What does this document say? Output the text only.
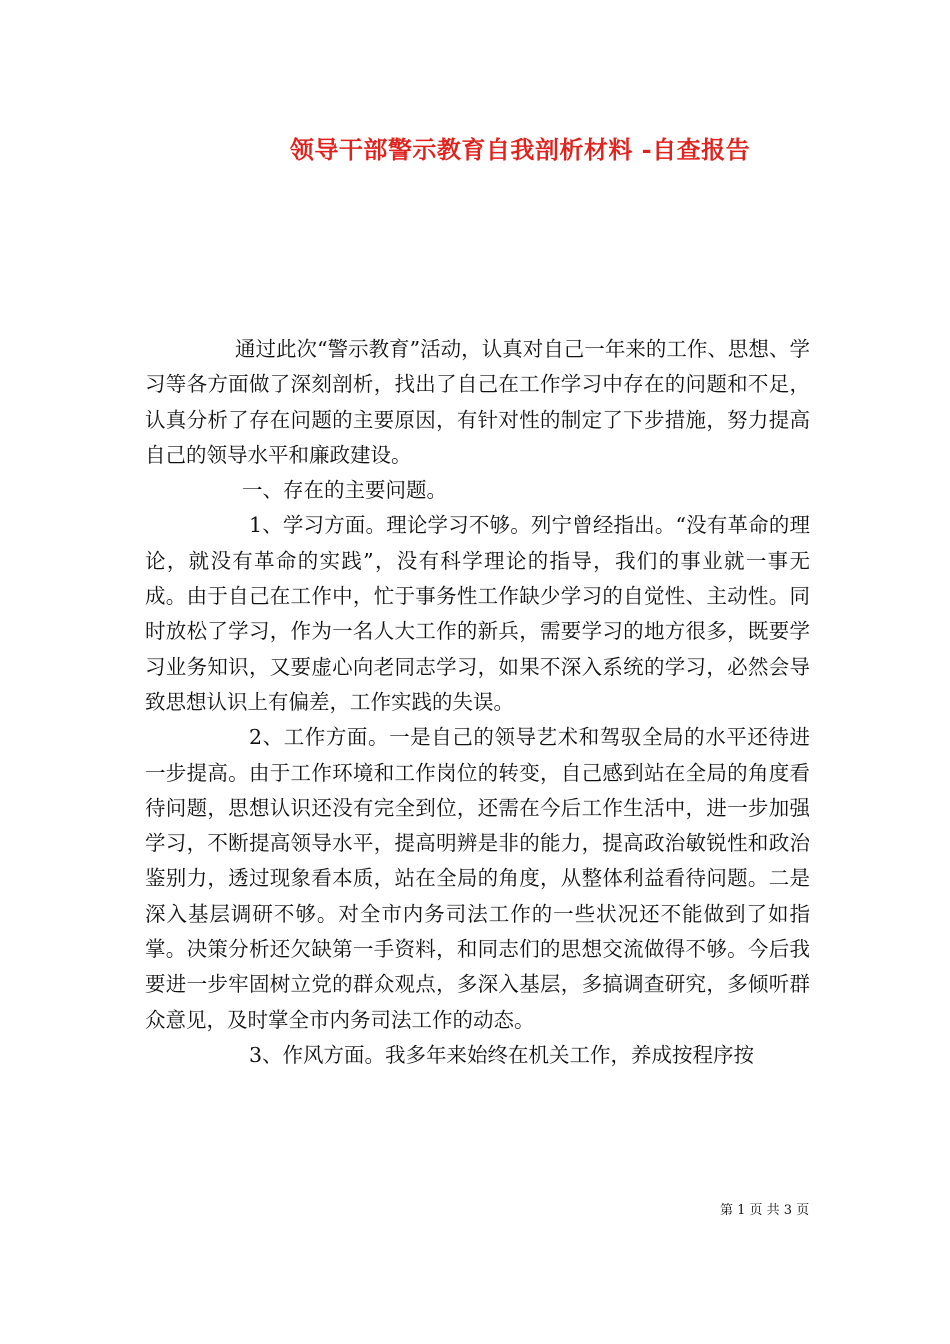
领导干部警示教育自我剖析材料 -自查报告

通过此次“警示教育”活动，认真对自己一年来的工作、思想、学习等各方面做了深刻剖析，找出了自己在工作学习中存在的问题和不足，认真分析了存在问题的主要原因，有针对性的制定了下步措施，努力提高自己的领导水平和廉政建设。

一、存在的主要问题。

1、学习方面。理论学习不够。列宁曾经指出。“没有革命的理论，就没有革命的实践”，没有科学理论的指导，我们的事业就一事无成。由于自己在工作中，忙于事务性工作缺少学习的自觉性、主动性。同时放松了学习，作为一名人大工作的新兵，需要学习的地方很多，既要学习业务知识，又要虚心向老同志学习，如果不深入系统的学习，必然会导致思想认识上有偏差，工作实践的失误。

2、工作方面。一是自己的领导艺术和驾驭全局的水平还待进一步提高。由于工作环境和工作岗位的转变，自己感到站在全局的角度看待问题，思想认识还没有完全到位，还需在今后工作生活中，进一步加强学习，不断提高领导水平，提高明辨是非的能力，提高政治敏锐性和政治鉴别力，透过现象看本质，站在全局的角度，从整体利益看待问题。二是深入基层调研不够。对全市内务司法工作的一些状况还不能做到了如指掌。决策分析还欠缺第一手资料，和同志们的思想交流做得不够。今后我要进一步牢固树立党的群众观点，多深入基层，多搞调查研究，多倾听群众意见，及时掌全市内务司法工作的动态。

3、作风方面。我多年来始终在机关工作，养成按程序按

第 1 页 共 3 页
